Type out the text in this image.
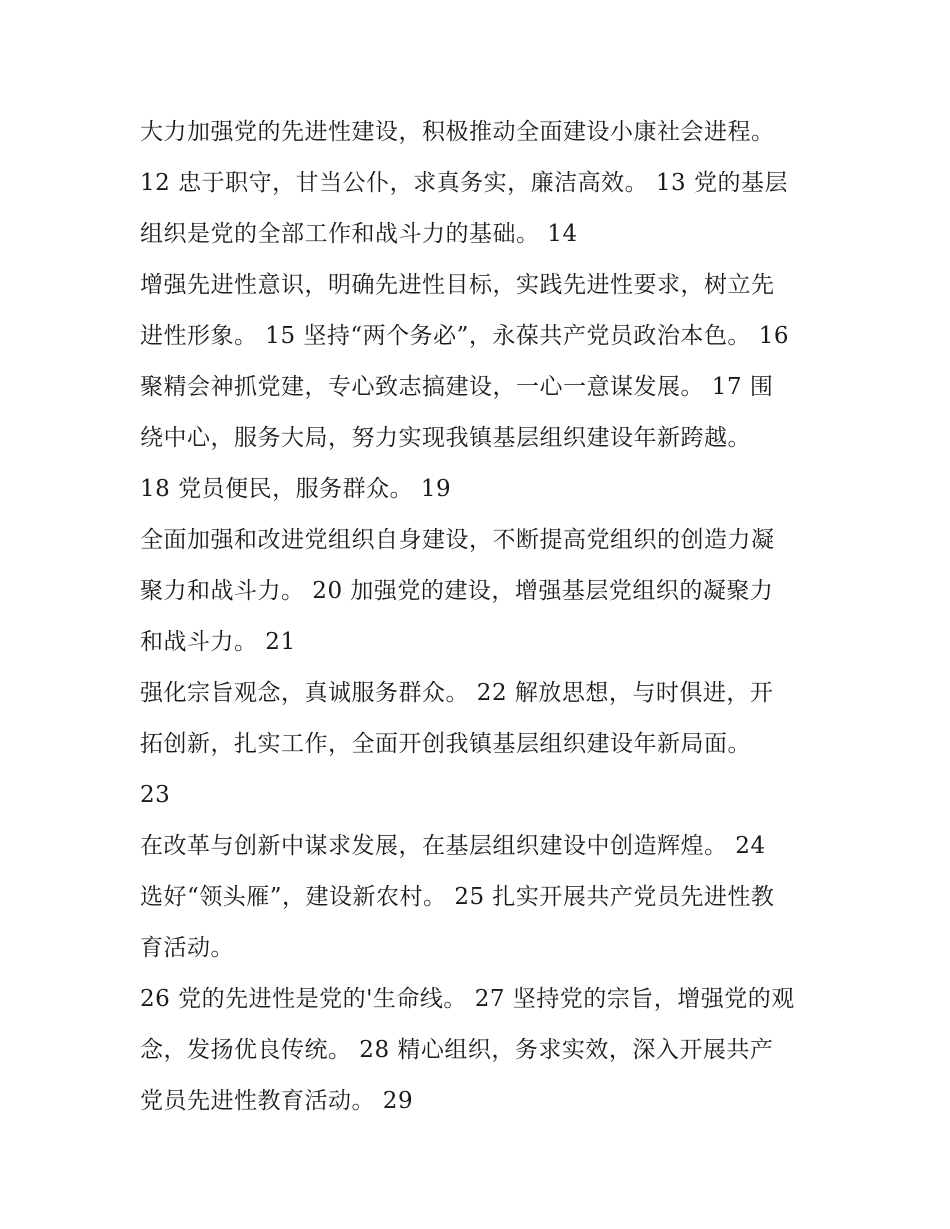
大力加强党的先进性建设，积极推动全面建设小康社会进程。
12 忠于职守，甘当公仆，求真务实，廉洁高效。 13 党的基层
组织是党的全部工作和战斗力的基础。 14
增强先进性意识，明确先进性目标，实践先进性要求，树立先
进性形象。 15 坚持“两个务必”，永葆共产党员政治本色。 16
聚精会神抓党建，专心致志搞建设，一心一意谋发展。 17 围
绕中心，服务大局，努力实现我镇基层组织建设年新跨越。
18 党员便民，服务群众。 19
全面加强和改进党组织自身建设，不断提高党组织的创造力凝
聚力和战斗力。 20 加强党的建设，增强基层党组织的凝聚力
和战斗力。 21
强化宗旨观念，真诚服务群众。 22 解放思想，与时俱进，开
拓创新，扎实工作，全面开创我镇基层组织建设年新局面。
23
在改革与创新中谋求发展，在基层组织建设中创造辉煌。 24
选好“领头雁”，建设新农村。 25 扎实开展共产党员先进性教
育活动。
26 党的先进性是党的'生命线。 27 坚持党的宗旨，增强党的观
念，发扬优良传统。 28 精心组织，务求实效，深入开展共产
党员先进性教育活动。 29
